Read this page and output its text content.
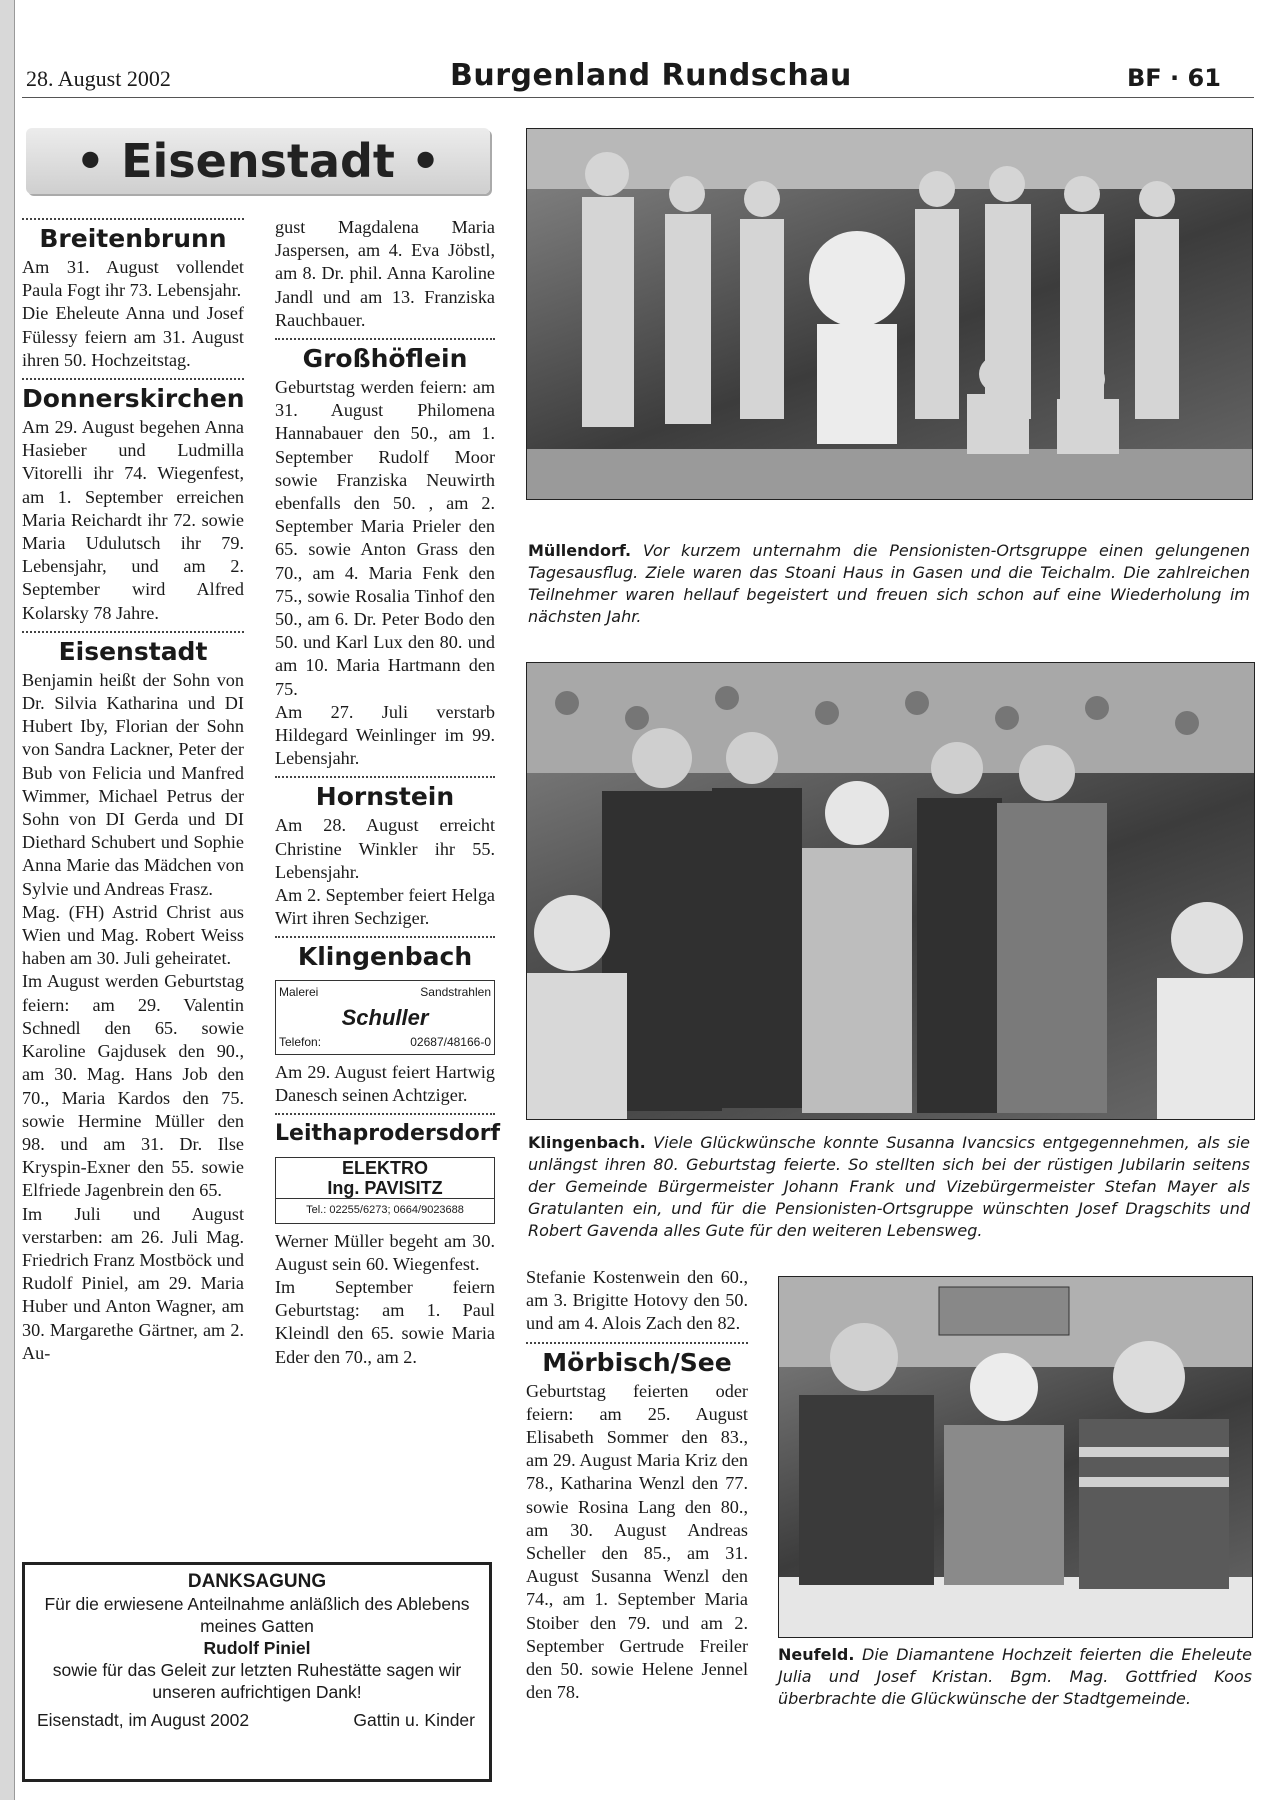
28. August 2002	Burgenland Rundschau	BF · 61
• Eisenstadt •
Breitenbrunn

Am 31. August vollendet Paula Fogt ihr 73. Lebensjahr.

Die Eheleute Anna und Josef Fülessy feiern am 31. August ihren 50. Hochzeitstag.

Donnerskirchen

Am 29. August begehen Anna Hasieber und Ludmilla Vitorelli ihr 74. Wiegenfest, am 1. September erreichen Maria Reichardt ihr 72. sowie Maria Udulutsch ihr 79. Lebensjahr, und am 2. September wird Alfred Kolarsky 78 Jahre.

Eisenstadt

Benjamin heißt der Sohn von Dr. Silvia Katharina und DI Hubert Iby, Florian der Sohn von Sandra Lackner, Peter der Bub von Felicia und Manfred Wimmer, Michael Petrus der Sohn von DI Gerda und DI Diethard Schubert und Sophie Anna Marie das Mädchen von Sylvie und Andreas Frasz.

Mag. (FH) Astrid Christ aus Wien und Mag. Robert Weiss haben am 30. Juli geheiratet.

Im August werden Geburtstag feiern: am 29. Valentin Schnedl den 65. sowie Karoline Gajdusek den 90., am 30. Mag. Hans Job den 70., Maria Kardos den 75. sowie Hermine Müller den 98. und am 31. Dr. Ilse Kryspin-Exner den 55. sowie Elfriede Jagenbrein den 65.

Im Juli und August verstarben: am 26. Juli Mag. Friedrich Franz Mostböck und Rudolf Piniel, am 29. Maria Huber und Anton Wagner, am 30. Margarethe Gärtner, am 2. Au-

gust Magdalena Maria Jaspersen, am 4. Eva Jöbstl, am 8. Dr. phil. Anna Karoline Jandl und am 13. Franziska Rauchbauer.

Großhöflein

Geburtstag werden feiern: am 31. August Philomena Hannabauer den 50., am 1. September Rudolf Moor sowie Franziska Neuwirth ebenfalls den 50. , am 2. September Maria Prieler den 65. sowie Anton Grass den 70., am 4. Maria Fenk den 75., sowie Rosalia Tinhof den 50., am 6. Dr. Peter Bodo den 50. und Karl Lux den 80. und am 10. Maria Hartmann den 75.

Am 27. Juli verstarb Hildegard Weinlinger im 99. Lebensjahr.

Hornstein

Am 28. August erreicht Christine Winkler ihr 55. Lebensjahr.

Am 2. September feiert Helga Wirt ihren Sechziger.

Klingenbach
Malerei	Sandstrahlen
Schuller
Telefon:	02687/48166-0

Am 29. August feiert Hartwig Danesch seinen Achtziger.

Leithaprodersdorf
ELEKTRO
Ing. PAVISITZ
Tel.: 02255/6273; 0664/9023688

Werner Müller begeht am 30. August sein 60. Wiegenfest.

Im September feiern Geburtstag: am 1. Paul Kleindl den 65. sowie Maria Eder den 70., am 2.

DANKSAGUNG
Für die erwiesene Anteilnahme anläßlich des Ablebens meines Gatten
Rudolf Piniel
sowie für das Geleit zur letzten Ruhestätte sagen wir unseren aufrichtigen Dank!
Eisenstadt, im August 2002	Gattin u. Kinder
Müllendorf. Vor kurzem unternahm die Pensionisten-Ortsgruppe einen gelungenen Tagesausflug. Ziele waren das Stoani Haus in Gasen und die Teichalm. Die zahlreichen Teilnehmer waren hellauf begeistert und freuen sich schon auf eine Wiederholung im nächsten Jahr.
Klingenbach. Viele Glückwünsche konnte Susanna Ivancsics entgegennehmen, als sie unlängst ihren 80. Geburtstag feierte. So stellten sich bei der rüstigen Jubilarin seitens der Gemeinde Bürgermeister Johann Frank und Vizebürgermeister Stefan Mayer als Gratulanten ein, und für die Pensionisten-Ortsgruppe wünschten Josef Dragschits und Robert Gavenda alles Gute für den weiteren Lebensweg.

Stefanie Kostenwein den 60., am 3. Brigitte Hotovy den 50. und am 4. Alois Zach den 82.

Mörbisch/See

Geburtstag feierten oder feiern: am 25. August Elisabeth Sommer den 83., am 29. August Maria Kriz den 78., Katharina Wenzl den 77. sowie Rosina Lang den 80., am 30. August Andreas Scheller den 85., am 31. August Susanna Wenzl den 74., am 1. September Maria Stoiber den 79. und am 2. September Gertrude Freiler den 50. sowie Helene Jennel den 78.

Neufeld. Die Diamantene Hochzeit feierten die Eheleute Julia und Josef Kristan. Bgm. Mag. Gottfried Koos überbrachte die Glückwünsche der Stadtgemeinde.
